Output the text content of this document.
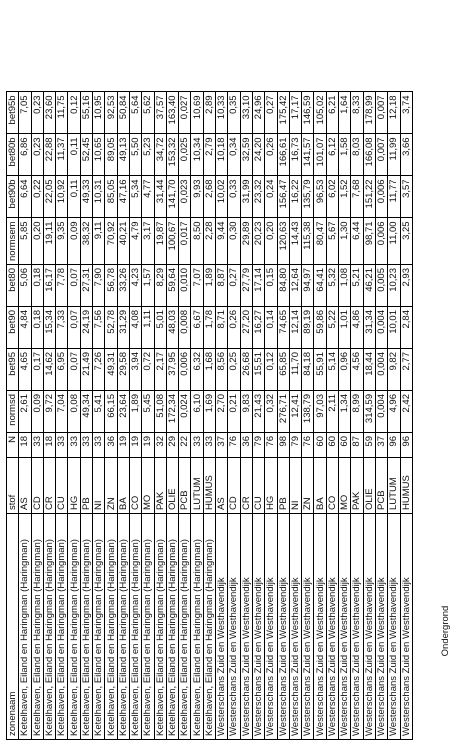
zonenaam	stof	N	normsd	bet95	bet90	bet80	normsem	bet90b	bet80b	bet95b
Ketelhaven, Eiland en Haringman (Haringman)	AS	18	2,61	4,65	4,84	5,06	5,85	6,64	6,86	7,05
Ketelhaven, Eiland en Haringman (Haringman)	CD	33	0,09	0,17	0,18	0,18	0,20	0,22	0,23	0,23
Ketelhaven, Eiland en Haringman (Haringman)	CR	18	9,72	14,62	15,34	16,17	19,11	22,05	22,88	23,60
Ketelhaven, Eiland en Haringman (Haringman)	CU	33	7,04	6,95	7,33	7,78	9,35	10,92	11,37	11,75
Ketelhaven, Eiland en Haringman (Haringman)	HG	33	0,08	0,07	0,07	0,07	0,09	0,11	0,11	0,12
Ketelhaven, Eiland en Haringman (Haringman)	PB	33	49,34	21,49	24,19	27,31	38,32	49,33	52,45	55,16
Ketelhaven, Eiland en Haringman (Haringman)	NI	33	5,41	7,26	7,56	7,90	9,11	10,31	10,65	10,95
Ketelhaven, Eiland en Haringman (Haringman)	ZN	36	66,15	49,31	52,78	56,78	70,92	85,05	89,05	92,53
Ketelhaven, Eiland en Haringman (Haringman)	BA	19	23,64	29,58	31,29	33,26	40,21	47,16	49,13	50,84
Ketelhaven, Eiland en Haringman (Haringman)	CO	19	1,89	3,94	4,08	4,23	4,79	5,34	5,50	5,64
Ketelhaven, Eiland en Haringman (Haringman)	MO	19	5,45	0,72	1,11	1,57	3,17	4,77	5,23	5,62
Ketelhaven, Eiland en Haringman (Haringman)	PAK	32	51,08	2,17	5,01	8,29	19,87	31,44	34,72	37,57
Ketelhaven, Eiland en Haringman (Haringman)	OLIE	29	172,34	37,95	48,03	59,64	100,67	141,70	153,32	163,40
Ketelhaven, Eiland en Haringman (Haringman)	PCB	22	0,024	0,006	0,008	0,010	0,017	0,023	0,025	0,027
Ketelhaven, Eiland en Haringman (Haringman)	LUTUM	33	6,10	6,32	6,67	7,07	8,50	9,93	10,34	10,69
Ketelhaven, Eiland en Haringman (Haringman)	HUMUS	33	1,69	1,68	1,78	1,89	2,28	2,68	2,79	2,89
Westerschans Zuid en Westhavendijk	AS	37	2,70	8,56	8,71	8,87	9,44	10,02	10,18	10,33
Westerschans Zuid en Westhavendijk	CD	76	0,21	0,25	0,26	0,27	0,30	0,33	0,34	0,35
Westerschans Zuid en Westhavendijk	CR	36	9,83	26,68	27,20	27,79	29,89	31,99	32,59	33,10
Westerschans Zuid en Westhavendijk	CU	79	21,43	15,51	16,27	17,14	20,23	23,32	24,20	24,96
Westerschans Zuid en Westhavendijk	HG	76	0,32	0,12	0,14	0,15	0,20	0,24	0,26	0,27
Westerschans Zuid en Westhavendijk	PB	98	276,71	65,85	74,65	84,80	120,63	156,47	166,61	175,42
Westerschans Zuid en Westhavendijk	NI	79	12,41	11,70	12,14	12,64	14,43	16,22	16,73	17,17
Westerschans Zuid en Westhavendijk	ZN	76	138,79	84,18	89,19	94,97	115,38	135,79	141,57	146,59
Westerschans Zuid en Westhavendijk	BA	60	97,03	55,91	59,86	64,41	80,47	96,53	101,07	105,02
Westerschans Zuid en Westhavendijk	CO	60	2,11	5,14	5,22	5,32	5,67	6,02	6,12	6,21
Westerschans Zuid en Westhavendijk	MO	60	1,34	0,96	1,01	1,08	1,30	1,52	1,58	1,64
Westerschans Zuid en Westhavendijk	PAK	87	8,99	4,56	4,86	5,21	6,44	7,68	8,03	8,33
Westerschans Zuid en Westhavendijk	OLIE	59	314,59	18,44	31,34	46,21	98,71	151,22	166,08	178,99
Westerschans Zuid en Westhavendijk	PCB	37	0,004	0,004	0,004	0,005	0,006	0,006	0,007	0,007
Westerschans Zuid en Westhavendijk	LUTUM	96	4,96	9,82	10,01	10,23	11,00	11,77	11,99	12,18
Westerschans Zuid en Westhavendijk	HUMUS	96	2,42	2,77	2,84	2,93	3,25	3,57	3,66	3,74
Ondergrond
